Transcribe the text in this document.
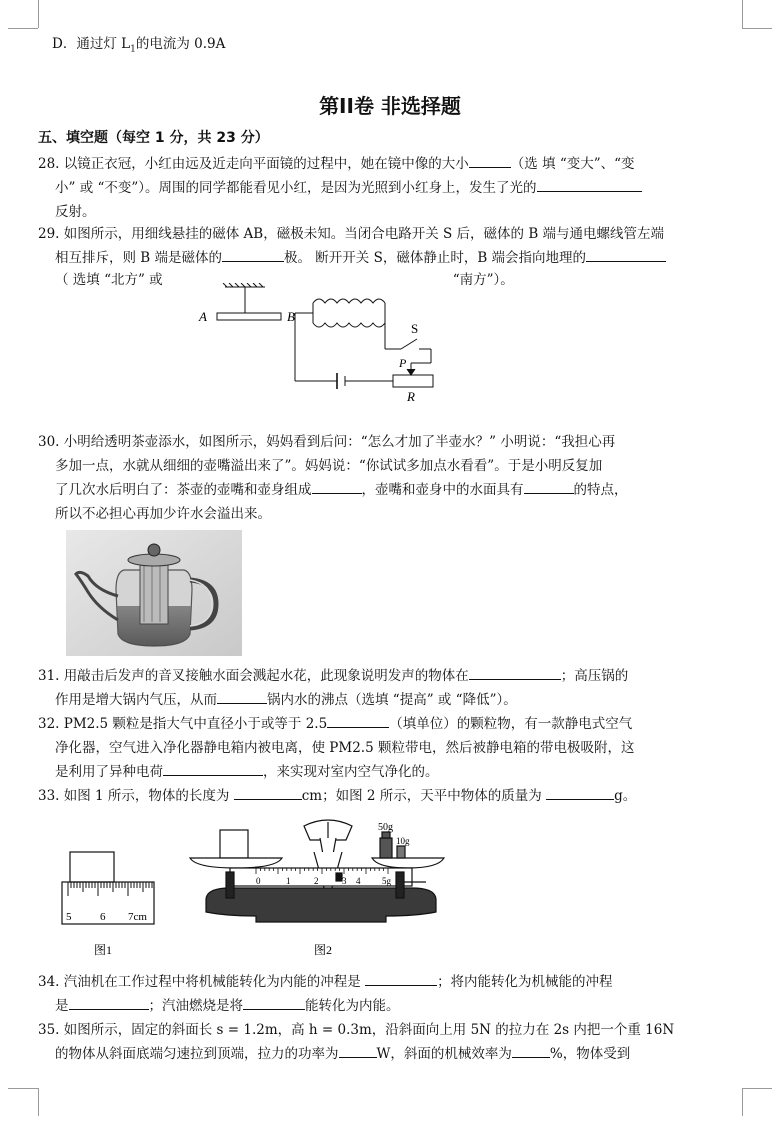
D．通过灯 $L_1$的电流为 0.9A
第II卷 非选择题
五、填空题（每空 1 分，共 23 分）
28. 以镜正衣冠，小红由远及近走向平面镜的过程中，她在镜中像的大小	（选 填 “变大”、“变
小” 或 “不变”）。周围的同学都能看见小红，是因为光照到小红身上，发生了光的
反射。
29. 如图所示，用细线悬挂的磁体 AB，磁极未知。当闭合电路开关 S 后，磁体的 B 端与通电螺线管左端
相互排斥，则 B 端是磁体的	极。 断开开关 S，磁体静止时，B 端会指向地理的
（ 选填 “北方” 或	“南方”）。
A	B
S
P
R
30. 小明给透明茶壶添水，如图所示，妈妈看到后问：“怎么才加了半壶水？” 小明说：“我担心再
多加一点，水就从细细的壶嘴溢出来了”。妈妈说：“你试试多加点水看看”。于是小明反复加
了几次水后明白了：茶壶的壶嘴和壶身组成	，壶嘴和壶身中的水面具有	的特点，
所以不必担心再加少许水会溢出来。
31. 用敲击后发声的音叉接触水面会溅起水花，此现象说明发声的物体在	；高压锅的
作用是增大锅内气压，从而	锅内水的沸点（选填 “提高” 或 “降低”）。
32. PM2.5 颗粒是指大气中直径小于或等于 2.5	（填单位）的颗粒物，有一款静电式空气
净化器，空气进入净化器静电箱内被电离，使 PM2.5 颗粒带电，然后被静电箱的带电极吸附，这
是利用了异种电荷	，来实现对室内空气净化的。
33. 如图 1 所示，物体的长度为	cm；如图 2 所示，天平中物体的质量为	g。
5	6 7cm
图1
50g
10g
0	1	2	3 4 5g
图2
34. 汽油机在工作过程中将机械能转化为内能的冲程是	；将内能转化为机械能的冲程
是	；汽油燃烧是将	能转化为内能。
35. 如图所示，固定的斜面长 s = 1.2m，高 h = 0.3m，沿斜面向上用 5N 的拉力在 2s 内把一个重 16N
的物体从斜面底端匀速拉到顶端，拉力的功率为	W，斜面的机械效率为	%，物体受到
